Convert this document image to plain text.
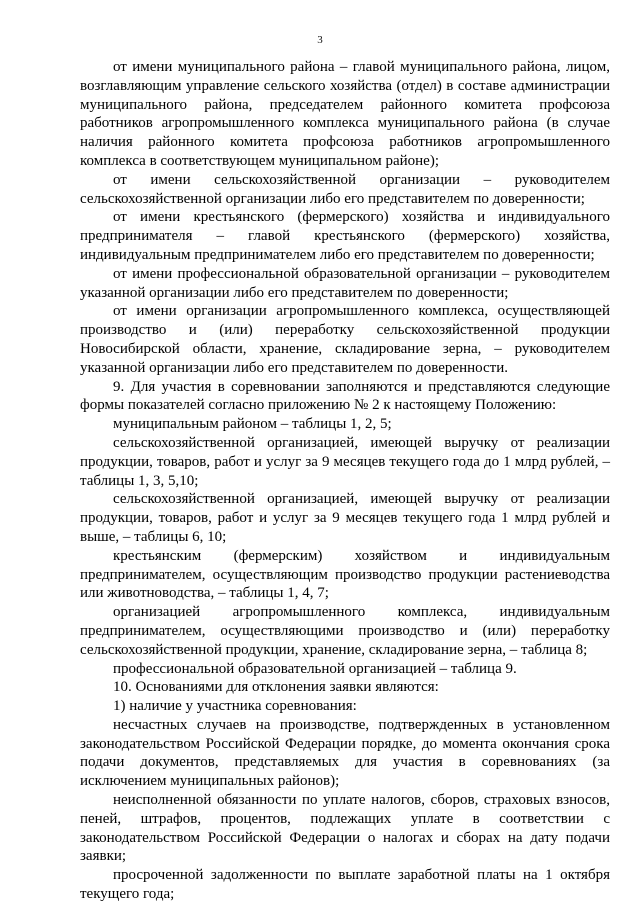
3

от имени муниципального района – главой муниципального района, лицом, возглавляющим управление сельского хозяйства (отдел) в составе администрации муниципального района, председателем районного комитета профсоюза работников агропромышленного комплекса муниципального района (в случае наличия районного комитета профсоюза работников агропромышленного комплекса в соответствующем муниципальном районе);

от имени сельскохозяйственной организации – руководителем сельскохозяйственной организации либо его представителем по доверенности;

от имени крестьянского (фермерского) хозяйства и индивидуального предпринимателя – главой крестьянского (фермерского) хозяйства, индивидуальным предпринимателем либо его представителем по доверенности;

от имени профессиональной образовательной организации – руководителем указанной организации либо его представителем по доверенности;

от имени организации агропромышленного комплекса, осуществляющей производство и (или) переработку сельскохозяйственной продукции Новосибирской области, хранение, складирование зерна, – руководителем указанной организации либо его представителем по доверенности.

9. Для участия в соревновании заполняются и представляются следующие формы показателей согласно приложению № 2 к настоящему Положению:

муниципальным районом – таблицы 1, 2, 5;

сельскохозяйственной организацией, имеющей выручку от реализации продукции, товаров, работ и услуг за 9 месяцев текущего года до 1 млрд рублей, – таблицы 1, 3, 5,10;

сельскохозяйственной организацией, имеющей выручку от реализации продукции, товаров, работ и услуг за 9 месяцев текущего года 1 млрд рублей и выше, – таблицы 6, 10;

крестьянским (фермерским) хозяйством и индивидуальным предпринимателем, осуществляющим производство продукции растениеводства или животноводства, – таблицы 1, 4, 7;

организацией агропромышленного комплекса, индивидуальным предпринимателем, осуществляющими производство и (или) переработку сельскохозяйственной продукции, хранение, складирование зерна, – таблица 8;

профессиональной образовательной организацией – таблица 9.

10. Основаниями для отклонения заявки являются:

1) наличие у участника соревнования:

несчастных случаев на производстве, подтвержденных в установленном законодательством Российской Федерации порядке, до момента окончания срока подачи документов, представляемых для участия в соревнованиях (за исключением муниципальных районов);

неисполненной обязанности по уплате налогов, сборов, страховых взносов, пеней, штрафов, процентов, подлежащих уплате в соответствии с законодательством Российской Федерации о налогах и сборах на дату подачи заявки;

просроченной задолженности по выплате заработной платы на 1 октября текущего года;
